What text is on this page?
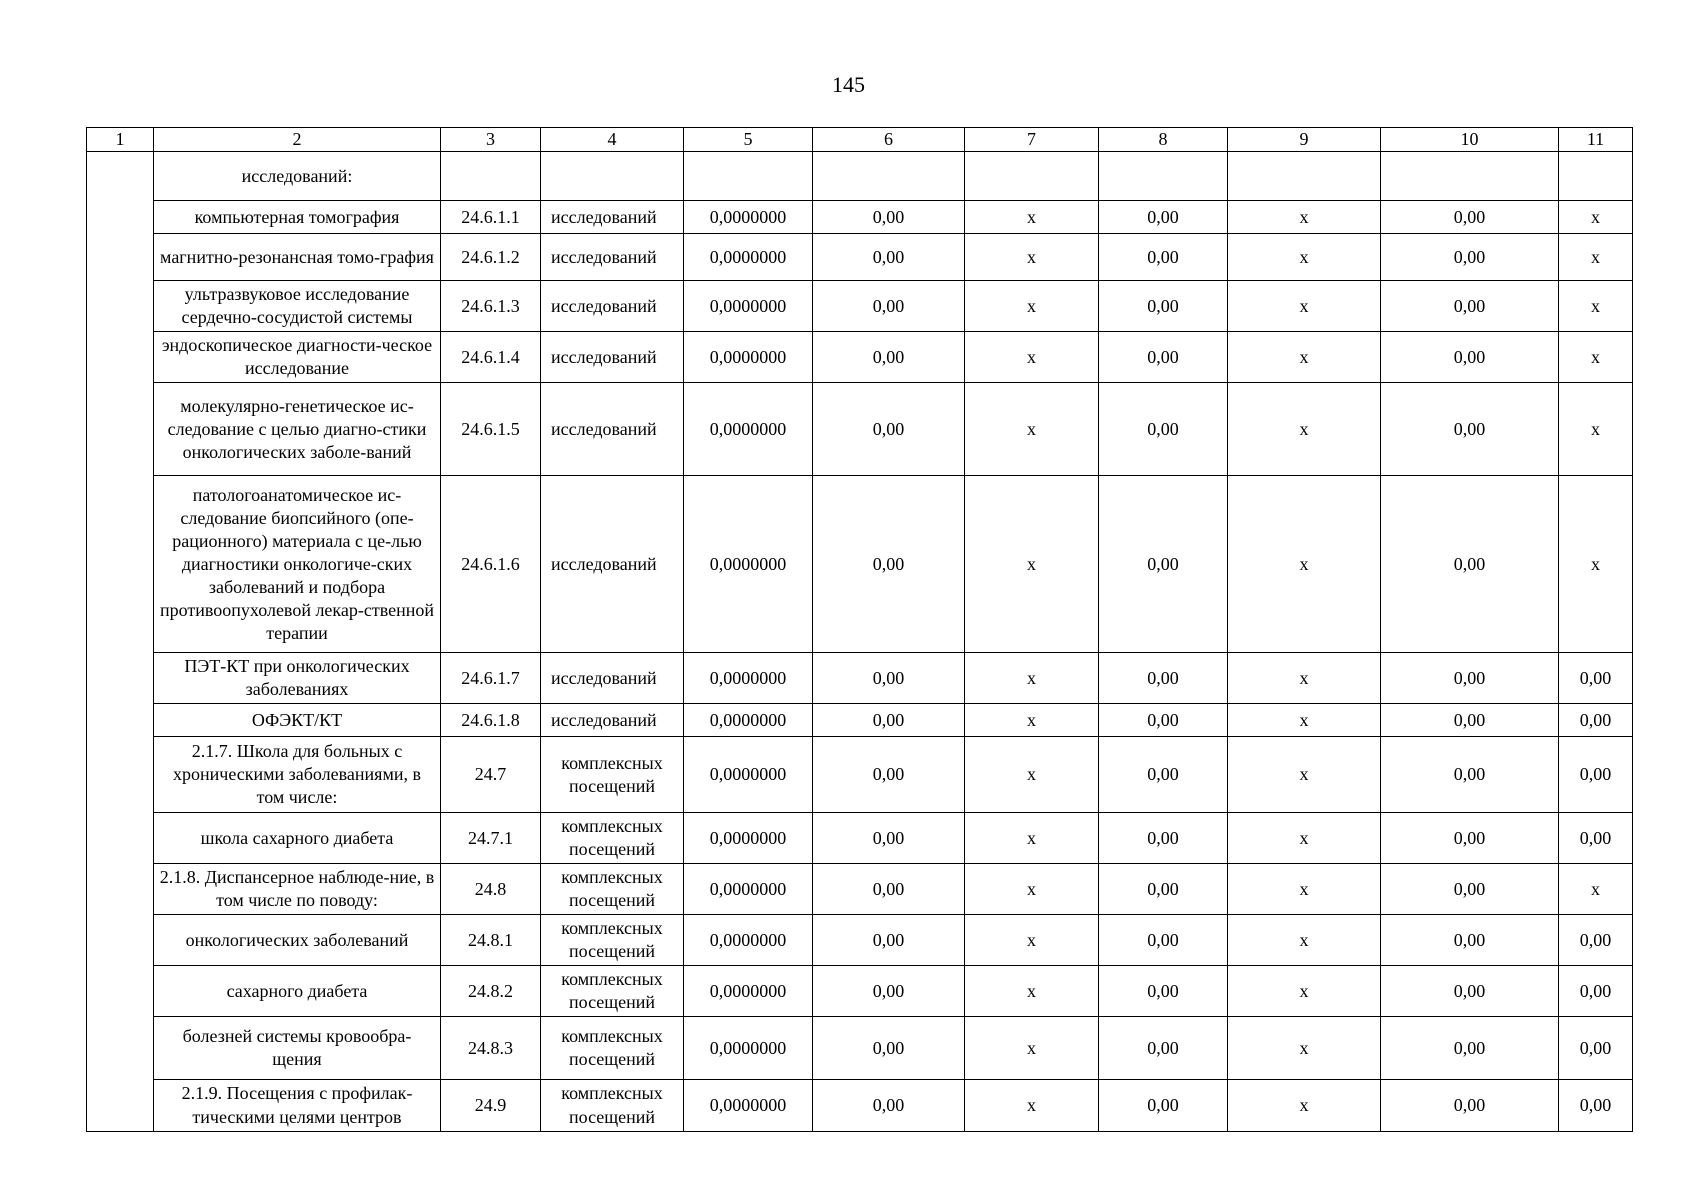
145
1	2	3	4	5	6	7	8	9	10	11
	исследований:									
	компьютерная томография	24.6.1.1	исследований	0,0000000	0,00	х	0,00	х	0,00	х
	магнитно-резонансная томо-графия	24.6.1.2	исследований	0,0000000	0,00	х	0,00	х	0,00	х
	ультразвуковое исследование сердечно-сосудистой системы	24.6.1.3	исследований	0,0000000	0,00	х	0,00	х	0,00	х
	эндоскопическое диагности-ческое исследование	24.6.1.4	исследований	0,0000000	0,00	х	0,00	х	0,00	х
	молекулярно-генетическое ис-следование с целью диагно-стики онкологических заболе-ваний	24.6.1.5	исследований	0,0000000	0,00	х	0,00	х	0,00	х
	патологоанатомическое ис-следование биопсийного (опе-рационного) материала с це-лью диагностики онкологиче-ских заболеваний и подбора противоопухолевой лекар-ственной терапии	24.6.1.6	исследований	0,0000000	0,00	х	0,00	х	0,00	х
	ПЭТ-КТ при онкологических заболеваниях	24.6.1.7	исследований	0,0000000	0,00	х	0,00	х	0,00	0,00
	ОФЭКТ/КТ	24.6.1.8	исследований	0,0000000	0,00	х	0,00	х	0,00	0,00
	2.1.7. Школа для больных с хроническими заболеваниями, в том числе:	24.7	комплексных посещений	0,0000000	0,00	х	0,00	х	0,00	0,00
	школа сахарного диабета	24.7.1	комплексных посещений	0,0000000	0,00	х	0,00	х	0,00	0,00
	2.1.8. Диспансерное наблюде-ние, в том числе по поводу:	24.8	комплексных посещений	0,0000000	0,00	х	0,00	х	0,00	х
	онкологических заболеваний	24.8.1	комплексных посещений	0,0000000	0,00	х	0,00	х	0,00	0,00
	сахарного диабета	24.8.2	комплексных посещений	0,0000000	0,00	х	0,00	х	0,00	0,00
	болезней системы кровообра-щения	24.8.3	комплексных посещений	0,0000000	0,00	х	0,00	х	0,00	0,00
	2.1.9. Посещения с профилак-тическими целями центров	24.9	комплексных посещений	0,0000000	0,00	х	0,00	х	0,00	0,00
